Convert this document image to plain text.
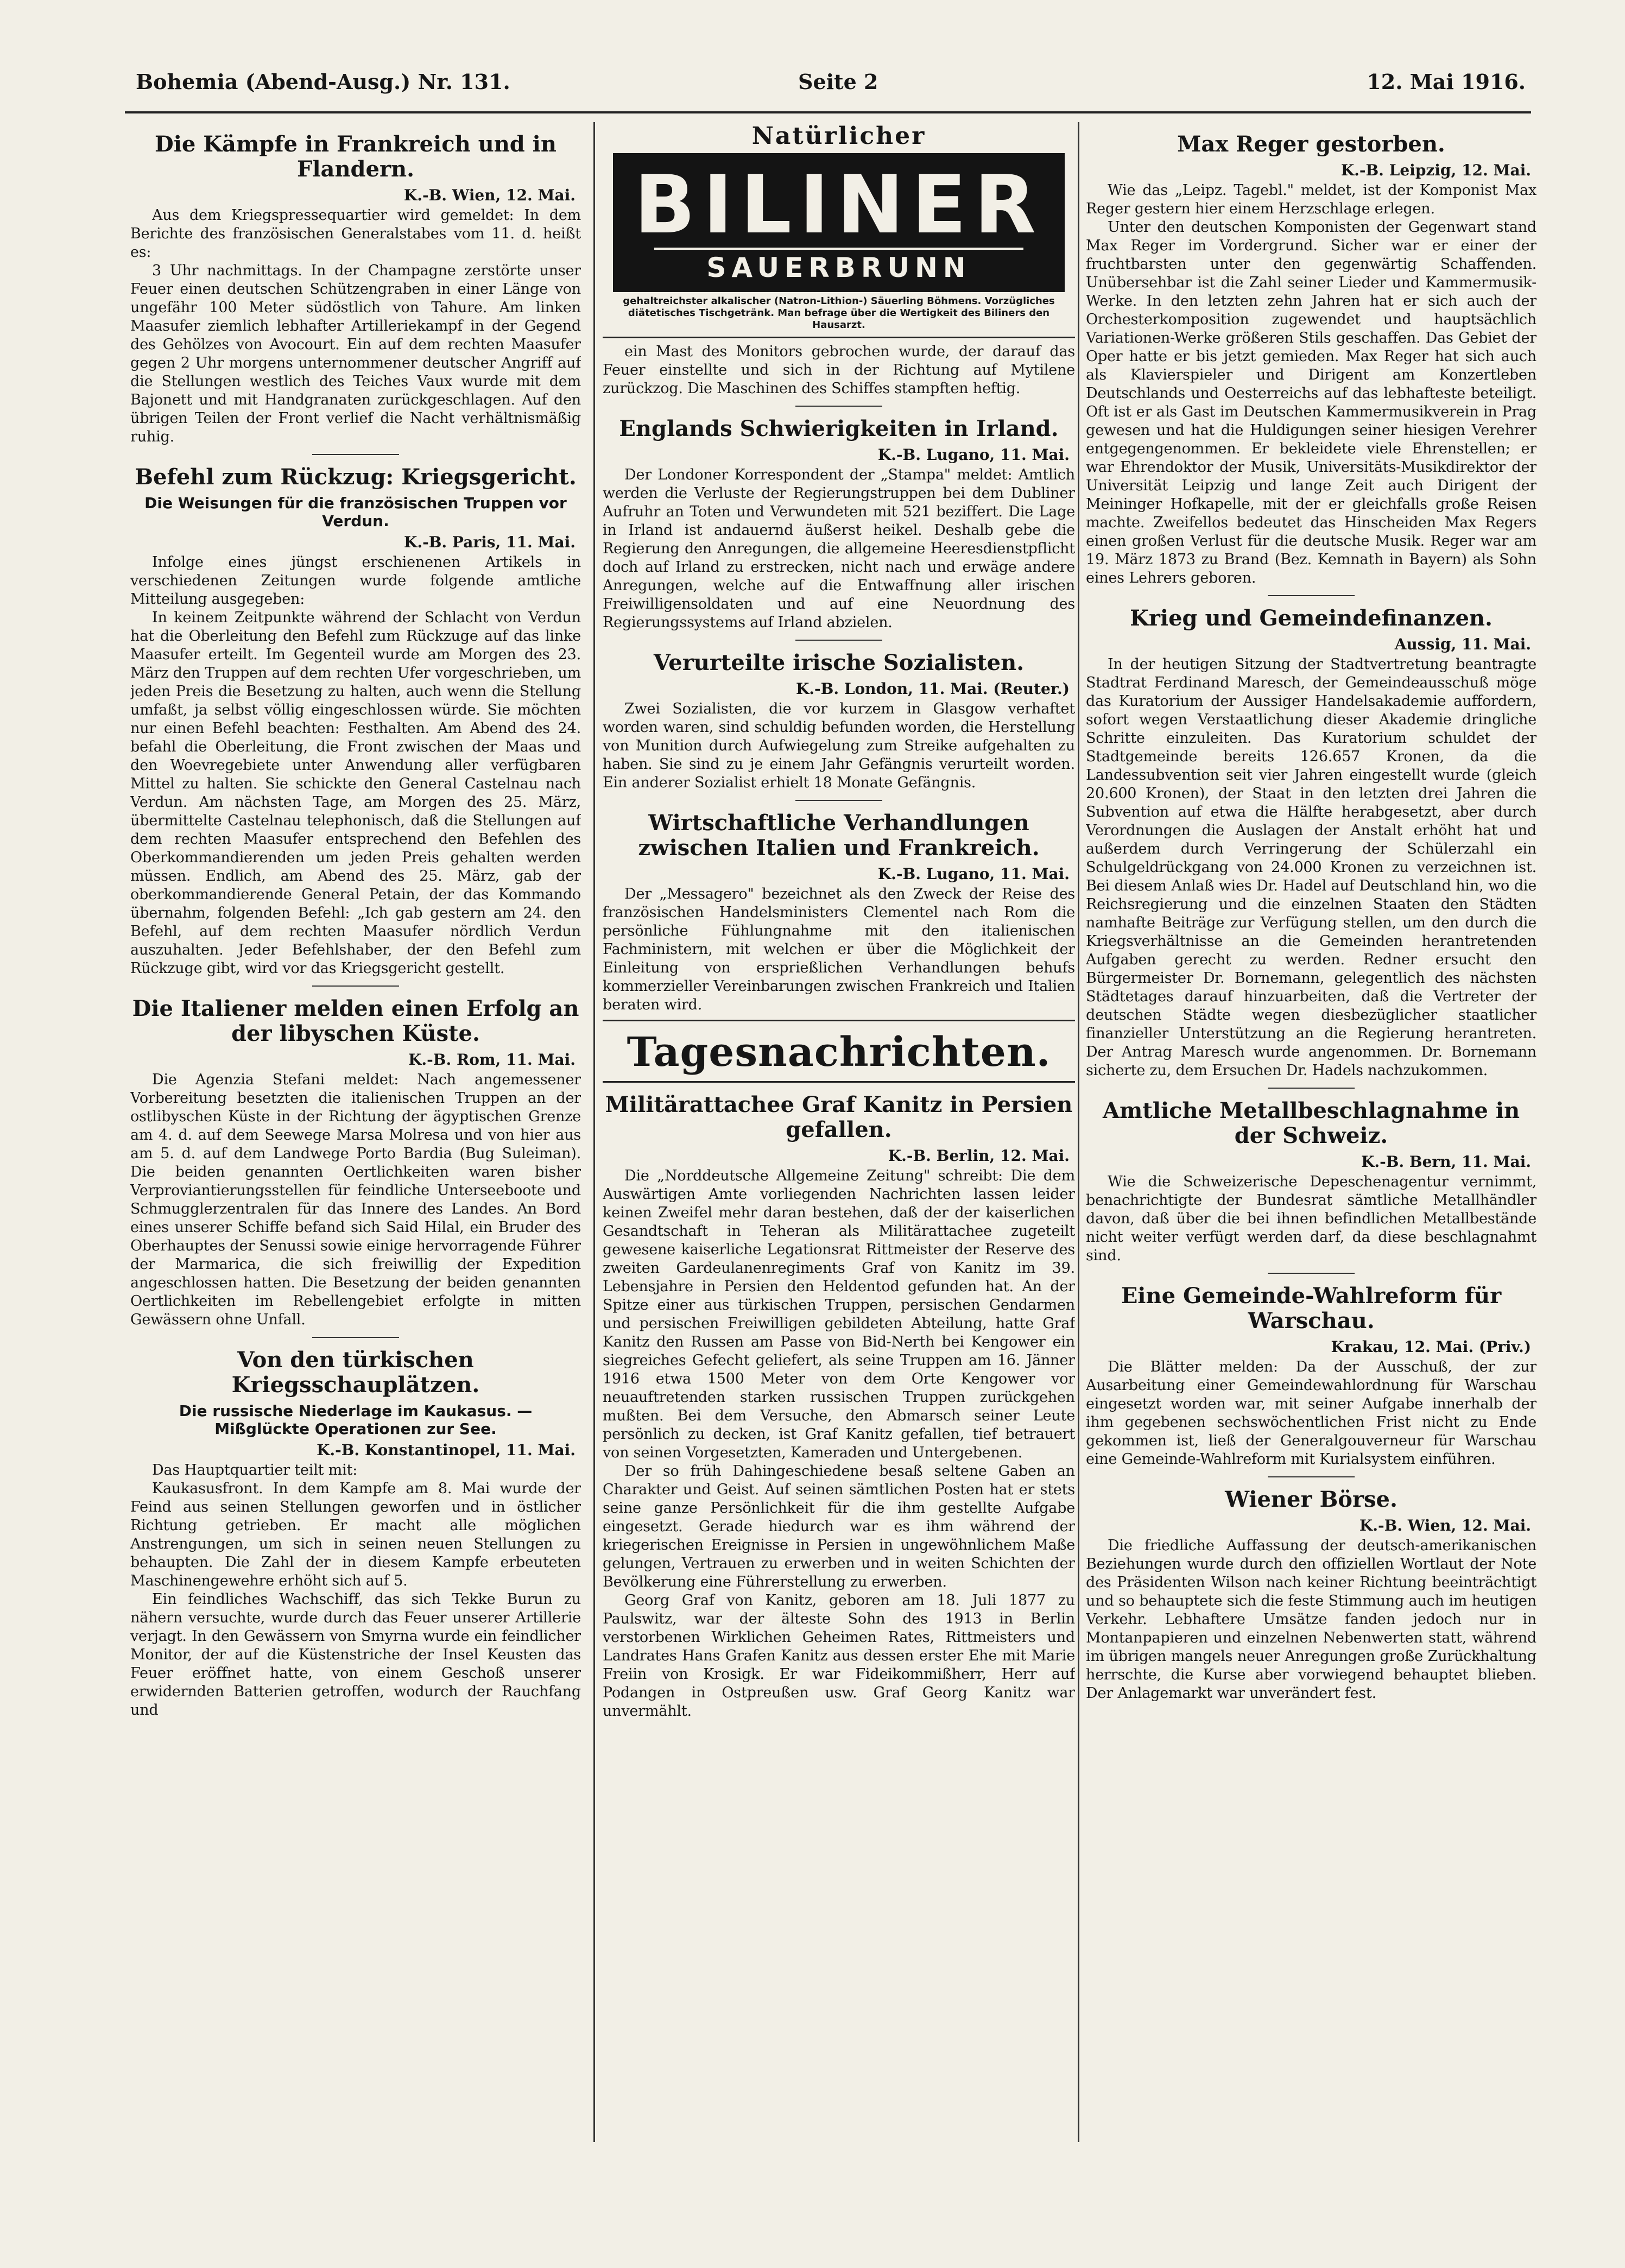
Bohemia (Abend-Ausg.) Nr. 131.	Seite 2	12. Mai 1916.
Die Kämpfe in Frankreich und in Flandern.
K.-B. Wien, 12. Mai.

Aus dem Kriegspressequartier wird gemeldet: In dem Berichte des französischen Generalstabes vom 11. d. heißt es:

3 Uhr nachmittags. In der Champagne zerstörte unser Feuer einen deutschen Schützengraben in einer Länge von ungefähr 100 Meter südöstlich von Tahure. Am linken Maasufer ziemlich lebhafter Artilleriekampf in der Gegend des Gehölzes von Avocourt. Ein auf dem rechten Maasufer gegen 2 Uhr morgens unternommener deutscher Angriff auf die Stellungen westlich des Teiches Vaux wurde mit dem Bajonett und mit Handgranaten zurückgeschlagen. Auf den übrigen Teilen der Front verlief die Nacht verhältnismäßig ruhig.

Befehl zum Rückzug: Kriegsgericht.
Die Weisungen für die französischen Truppen vor Verdun.
K.-B. Paris, 11. Mai.

Infolge eines jüngst erschienenen Artikels in verschiedenen Zeitungen wurde folgende amtliche Mitteilung ausgegeben:

In keinem Zeitpunkte während der Schlacht von Verdun hat die Oberleitung den Befehl zum Rückzuge auf das linke Maasufer erteilt. Im Gegenteil wurde am Morgen des 23. März den Truppen auf dem rechten Ufer vorgeschrieben, um jeden Preis die Besetzung zu halten, auch wenn die Stellung umfaßt, ja selbst völlig eingeschlossen würde. Sie möchten nur einen Befehl beachten: Festhalten. Am Abend des 24. befahl die Oberleitung, die Front zwischen der Maas und den Woevregebiete unter Anwendung aller verfügbaren Mittel zu halten. Sie schickte den General Castelnau nach Verdun. Am nächsten Tage, am Morgen des 25. März, übermittelte Castelnau telephonisch, daß die Stellungen auf dem rechten Maasufer entsprechend den Befehlen des Oberkommandierenden um jeden Preis gehalten werden müssen. Endlich, am Abend des 25. März, gab der oberkommandierende General Petain, der das Kommando übernahm, folgenden Befehl: „Ich gab gestern am 24. den Befehl, auf dem rechten Maasufer nördlich Verdun auszuhalten. Jeder Befehlshaber, der den Befehl zum Rückzuge gibt, wird vor das Kriegsgericht gestellt.

Die Italiener melden einen Erfolg an der libyschen Küste.
K.-B. Rom, 11. Mai.

Die Agenzia Stefani meldet: Nach angemessener Vorbereitung besetzten die italienischen Truppen an der ostlibyschen Küste in der Richtung der ägyptischen Grenze am 4. d. auf dem Seewege Marsa Molresa und von hier aus am 5. d. auf dem Landwege Porto Bardia (Bug Suleiman). Die beiden genannten Oertlichkeiten waren bisher Verproviantierungsstellen für feindliche Unterseeboote und Schmugglerzentralen für das Innere des Landes. An Bord eines unserer Schiffe befand sich Said Hilal, ein Bruder des Oberhauptes der Senussi sowie einige hervorragende Führer der Marmarica, die sich freiwillig der Expedition angeschlossen hatten. Die Besetzung der beiden genannten Oertlichkeiten im Rebellengebiet erfolgte in mitten Gewässern ohne Unfall.

Von den türkischen Kriegsschauplätzen.
Die russische Niederlage im Kaukasus. — Mißglückte Operationen zur See.
K.-B. Konstantinopel, 11. Mai.

Das Hauptquartier teilt mit:

Kaukasusfront. In dem Kampfe am 8. Mai wurde der Feind aus seinen Stellungen geworfen und in östlicher Richtung getrieben. Er macht alle möglichen Anstrengungen, um sich in seinen neuen Stellungen zu behaupten. Die Zahl der in diesem Kampfe erbeuteten Maschinengewehre erhöht sich auf 5.

Ein feindliches Wachschiff, das sich Tekke Burun zu nähern versuchte, wurde durch das Feuer unserer Artillerie verjagt. In den Gewässern von Smyrna wurde ein feindlicher Monitor, der auf die Küstenstriche der Insel Keusten das Feuer eröffnet hatte, von einem Geschoß unserer erwidernden Batterien getroffen, wodurch der Rauchfang und

Natürlicher
BILINER
SAUERBRUNN
gehaltreichster alkalischer (Natron-Lithion-) Säuerling Böhmens. Vorzügliches diätetisches Tischgetränk. Man befrage über die Wertigkeit des Biliners den Hausarzt.

ein Mast des Monitors gebrochen wurde, der darauf das Feuer einstellte und sich in der Richtung auf Mytilene zurückzog. Die Maschinen des Schiffes stampften heftig.

Englands Schwierigkeiten in Irland.
K.-B. Lugano, 11. Mai.

Der Londoner Korrespondent der „Stampa" meldet: Amtlich werden die Verluste der Regierungstruppen bei dem Dubliner Aufruhr an Toten und Verwundeten mit 521 beziffert. Die Lage in Irland ist andauernd äußerst heikel. Deshalb gebe die Regierung den Anregungen, die allgemeine Heeresdienstpflicht doch auf Irland zu erstrecken, nicht nach und erwäge andere Anregungen, welche auf die Entwaffnung aller irischen Freiwilligensoldaten und auf eine Neuordnung des Regierungssystems auf Irland abzielen.

Verurteilte irische Sozialisten.
K.-B. London, 11. Mai. (Reuter.)

Zwei Sozialisten, die vor kurzem in Glasgow verhaftet worden waren, sind schuldig befunden worden, die Herstellung von Munition durch Aufwiegelung zum Streike aufgehalten zu haben. Sie sind zu je einem Jahr Gefängnis verurteilt worden. Ein anderer Sozialist erhielt 18 Monate Gefängnis.

Wirtschaftliche Verhandlungen zwischen Italien und Frankreich.
K.-B. Lugano, 11. Mai.

Der „Messagero" bezeichnet als den Zweck der Reise des französischen Handelsministers Clementel nach Rom die persönliche Fühlungnahme mit den italienischen Fachministern, mit welchen er über die Möglichkeit der Einleitung von ersprießlichen Verhandlungen behufs kommerzieller Vereinbarungen zwischen Frankreich und Italien beraten wird.

Tagesnachrichten.
Militärattachee Graf Kanitz in Persien gefallen.
K.-B. Berlin, 12. Mai.

Die „Norddeutsche Allgemeine Zeitung" schreibt: Die dem Auswärtigen Amte vorliegenden Nachrichten lassen leider keinen Zweifel mehr daran bestehen, daß der der kaiserlichen Gesandtschaft in Teheran als Militärattachee zugeteilt gewesene kaiserliche Legationsrat Rittmeister der Reserve des zweiten Gardeulanenregiments Graf von Kanitz im 39. Lebensjahre in Persien den Heldentod gefunden hat. An der Spitze einer aus türkischen Truppen, persischen Gendarmen und persischen Freiwilligen gebildeten Abteilung, hatte Graf Kanitz den Russen am Passe von Bid-Nerth bei Kengower ein siegreiches Gefecht geliefert, als seine Truppen am 16. Jänner 1916 etwa 1500 Meter von dem Orte Kengower vor neuauftretenden starken russischen Truppen zurückgehen mußten. Bei dem Versuche, den Abmarsch seiner Leute persönlich zu decken, ist Graf Kanitz gefallen, tief betrauert von seinen Vorgesetzten, Kameraden und Untergebenen.

Der so früh Dahingeschiedene besaß seltene Gaben an Charakter und Geist. Auf seinen sämtlichen Posten hat er stets seine ganze Persönlichkeit für die ihm gestellte Aufgabe eingesetzt. Gerade hiedurch war es ihm während der kriegerischen Ereignisse in Persien in ungewöhnlichem Maße gelungen, Vertrauen zu erwerben und in weiten Schichten der Bevölkerung eine Führerstellung zu erwerben.

Georg Graf von Kanitz, geboren am 18. Juli 1877 zu Paulswitz, war der älteste Sohn des 1913 in Berlin verstorbenen Wirklichen Geheimen Rates, Rittmeisters und Landrates Hans Grafen Kanitz aus dessen erster Ehe mit Marie Freiin von Krosigk. Er war Fideikommißherr, Herr auf Podangen in Ostpreußen usw. Graf Georg Kanitz war unvermählt.

Max Reger gestorben.
K.-B. Leipzig, 12. Mai.

Wie das „Leipz. Tagebl." meldet, ist der Komponist Max Reger gestern hier einem Herzschlage erlegen.

Unter den deutschen Komponisten der Gegenwart stand Max Reger im Vordergrund. Sicher war er einer der fruchtbarsten unter den gegenwärtig Schaffenden. Unübersehbar ist die Zahl seiner Lieder und Kammermusik-Werke. In den letzten zehn Jahren hat er sich auch der Orchesterkomposition zugewendet und hauptsächlich Variationen-Werke größeren Stils geschaffen. Das Gebiet der Oper hatte er bis jetzt gemieden. Max Reger hat sich auch als Klavierspieler und Dirigent am Konzertleben Deutschlands und Oesterreichs auf das lebhafteste beteiligt. Oft ist er als Gast im Deutschen Kammermusikverein in Prag gewesen und hat die Huldigungen seiner hiesigen Verehrer entgegengenommen. Er bekleidete viele Ehrenstellen; er war Ehrendoktor der Musik, Universitäts-Musikdirektor der Universität Leipzig und lange Zeit auch Dirigent der Meininger Hofkapelle, mit der er gleichfalls große Reisen machte. Zweifellos bedeutet das Hinscheiden Max Regers einen großen Verlust für die deutsche Musik. Reger war am 19. März 1873 zu Brand (Bez. Kemnath in Bayern) als Sohn eines Lehrers geboren.

Krieg und Gemeindefinanzen.
Aussig, 11. Mai.

In der heutigen Sitzung der Stadtvertretung beantragte Stadtrat Ferdinand Maresch, der Gemeindeausschuß möge das Kuratorium der Aussiger Handelsakademie auffordern, sofort wegen Verstaatlichung dieser Akademie dringliche Schritte einzuleiten. Das Kuratorium schuldet der Stadtgemeinde bereits 126.657 Kronen, da die Landessubvention seit vier Jahren eingestellt wurde (gleich 20.600 Kronen), der Staat in den letzten drei Jahren die Subvention auf etwa die Hälfte herabgesetzt, aber durch Verordnungen die Auslagen der Anstalt erhöht hat und außerdem durch Verringerung der Schülerzahl ein Schulgeldrückgang von 24.000 Kronen zu verzeichnen ist. Bei diesem Anlaß wies Dr. Hadel auf Deutschland hin, wo die Reichsregierung und die einzelnen Staaten den Städten namhafte Beiträge zur Verfügung stellen, um den durch die Kriegsverhältnisse an die Gemeinden herantretenden Aufgaben gerecht zu werden. Redner ersucht den Bürgermeister Dr. Bornemann, gelegentlich des nächsten Städtetages darauf hinzuarbeiten, daß die Vertreter der deutschen Städte wegen diesbezüglicher staatlicher finanzieller Unterstützung an die Regierung herantreten. Der Antrag Maresch wurde angenommen. Dr. Bornemann sicherte zu, dem Ersuchen Dr. Hadels nachzukommen.

Amtliche Metallbeschlagnahme in der Schweiz.
K.-B. Bern, 11. Mai.

Wie die Schweizerische Depeschenagentur vernimmt, benachrichtigte der Bundesrat sämtliche Metallhändler davon, daß über die bei ihnen befindlichen Metallbestände nicht weiter verfügt werden darf, da diese beschlagnahmt sind.

Eine Gemeinde-Wahlreform für Warschau.
Krakau, 12. Mai. (Priv.)

Die Blätter melden: Da der Ausschuß, der zur Ausarbeitung einer Gemeindewahlordnung für Warschau eingesetzt worden war, mit seiner Aufgabe innerhalb der ihm gegebenen sechswöchentlichen Frist nicht zu Ende gekommen ist, ließ der Generalgouverneur für Warschau eine Gemeinde-Wahlreform mit Kurialsystem einführen.

Wiener Börse.
K.-B. Wien, 12. Mai.

Die friedliche Auffassung der deutsch-amerikanischen Beziehungen wurde durch den offiziellen Wortlaut der Note des Präsidenten Wilson nach keiner Richtung beeinträchtigt und so behauptete sich die feste Stimmung auch im heutigen Verkehr. Lebhaftere Umsätze fanden jedoch nur in Montanpapieren und einzelnen Nebenwerten statt, während im übrigen mangels neuer Anregungen große Zurückhaltung herrschte, die Kurse aber vorwiegend behauptet blieben. Der Anlagemarkt war unverändert fest.
